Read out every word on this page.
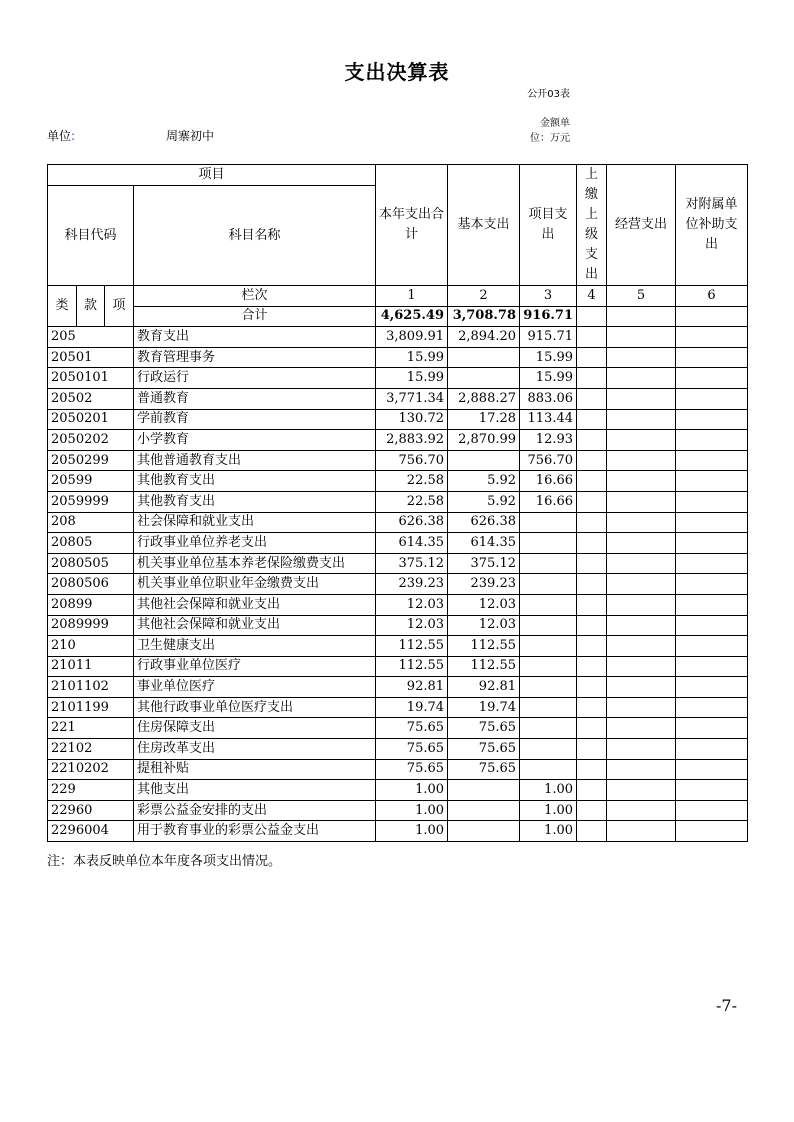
支出决算表
公开03表
金额单位：万元
单位:	周寨初中
项目				本年支出合计	基本支出	项目支出	上缴上级支出	经营支出	对附属单位补助支出
科目代码			科目名称						

类	款	项	栏次	1	2	3	4	5	6
			合计	4,625.49	3,708.78	916.71			
205			教育支出	3,809.91	2,894.20	915.71			
20501			教育管理事务	15.99		15.99			
2050101			行政运行	15.99		15.99			
20502			普通教育	3,771.34	2,888.27	883.06			
2050201			学前教育	130.72	17.28	113.44			
2050202			小学教育	2,883.92	2,870.99	12.93			
2050299			其他普通教育支出	756.70		756.70			
20599			其他教育支出	22.58	5.92	16.66			
2059999			其他教育支出	22.58	5.92	16.66			
208			社会保障和就业支出	626.38	626.38				
20805			行政事业单位养老支出	614.35	614.35				
2080505			机关事业单位基本养老保险缴费支出	375.12	375.12				
2080506			机关事业单位职业年金缴费支出	239.23	239.23				
20899			其他社会保障和就业支出	12.03	12.03				
2089999			其他社会保障和就业支出	12.03	12.03				
210			卫生健康支出	112.55	112.55				
21011			行政事业单位医疗	112.55	112.55				
2101102			事业单位医疗	92.81	92.81				
2101199			其他行政事业单位医疗支出	19.74	19.74				
221			住房保障支出	75.65	75.65				
22102			住房改革支出	75.65	75.65				
2210202			提租补贴	75.65	75.65				
229			其他支出	1.00		1.00			
22960			彩票公益金安排的支出	1.00		1.00			
2296004			用于教育事业的彩票公益金支出	1.00		1.00			
注：本表反映单位本年度各项支出情况。
-7-
